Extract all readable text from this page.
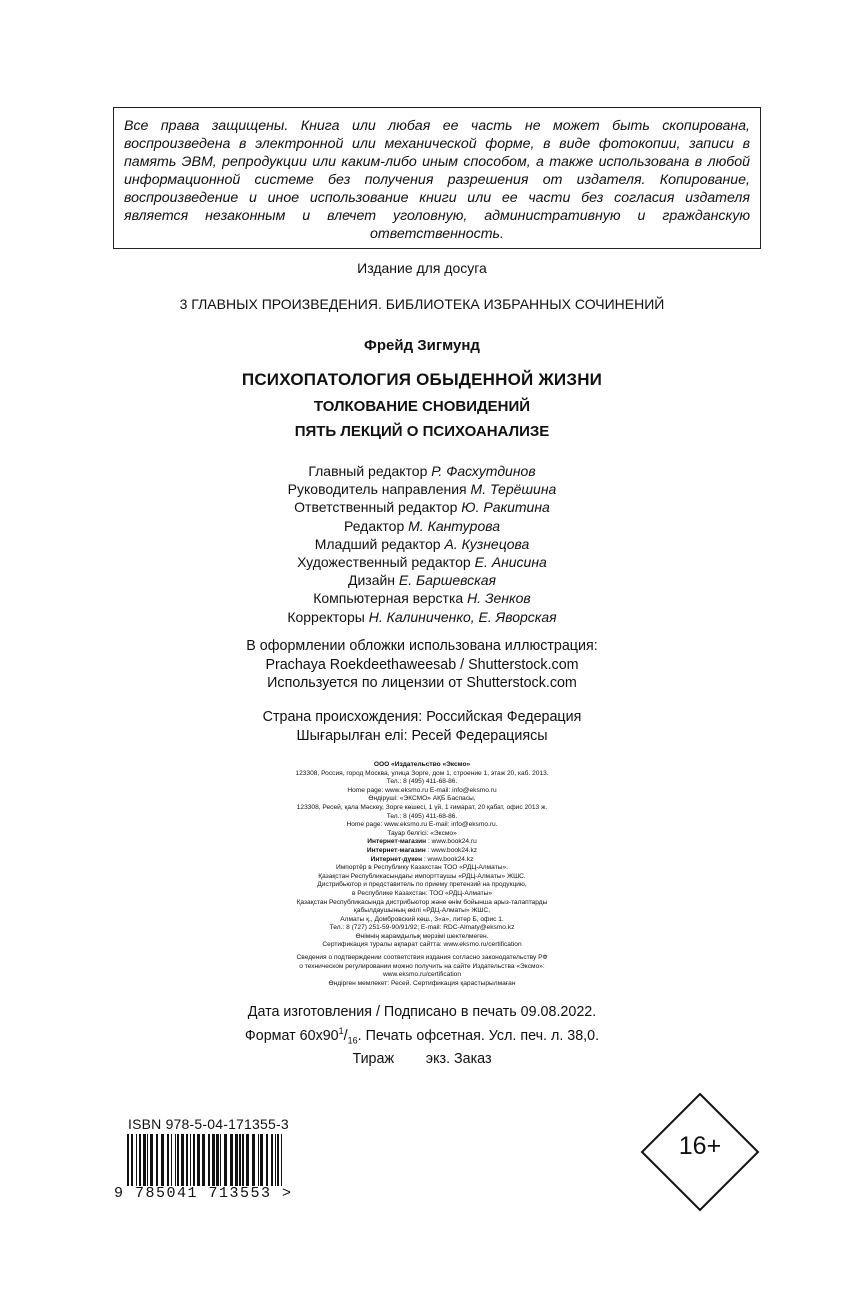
Все права защищены. Книга или любая ее часть не может быть скопирована, воспроизведена в электронной или механической форме, в виде фотокопии, записи в память ЭВМ, репродукции или каким-либо иным способом, а также использована в любой информационной системе без получения разрешения от издателя. Копирование, воспроизведение и иное использование книги или ее части без согласия издателя является незаконным и влечет уголовную, административную и гражданскую ответственность.
Издание для досуга
3 ГЛАВНЫХ ПРОИЗВЕДЕНИЯ. БИБЛИОТЕКА ИЗБРАННЫХ СОЧИНЕНИЙ
Фрейд Зигмунд
ПСИХОПАТОЛОГИЯ ОБЫДЕННОЙ ЖИЗНИ
ТОЛКОВАНИЕ СНОВИДЕНИЙ
ПЯТЬ ЛЕКЦИЙ О ПСИХОАНАЛИЗЕ
Главный редактор Р. Фасхутдинов
Руководитель направления М. Терёшина
Ответственный редактор Ю. Ракитина
Редактор М. Кантурова
Младший редактор А. Кузнецова
Художественный редактор Е. Анисина
Дизайн Е. Баршевская
Компьютерная верстка Н. Зенков
Корректоры Н. Калиниченко, Е. Яворская
В оформлении обложки использована иллюстрация:
Prachaya Roekdeethaweesab / Shutterstock.com
Используется по лицензии от Shutterstock.com
Страна происхождения: Российская Федерация
Шығарылған елі: Ресей Федерациясы
ООО «Издательство «Эксмо»
123308, Россия, город Москва, улица Зорге, дом 1, строение 1, этаж 20, каб. 2013.
Тел.: 8 (495) 411-68-86.
Home page: www.eksmo.ru E-mail: info@eksmo.ru
Өндіруші: «ЭКСМО» АҚБ Баспасы,
123308, Ресей, қала Мәскеу, Зорге көшесі, 1 үй, 1 ғимарат, 20 қабат, офис 2013 ж.
Тел.: 8 (495) 411-68-86.
Home page: www.eksmo.ru E-mail: info@eksmo.ru.
Тауар белгісі: «Эксмо»
Интернет-магазин : www.book24.ru
Интернет-магазин : www.book24.kz
Интернет-дүкен : www.book24.kz
Импортёр в Республику Казахстан ТОО «РДЦ-Алматы».
Қазақстан Республикасындағы импорттаушы «РДЦ-Алматы» ЖШС.
Дистрибьютор и представитель по приему претензий на продукцию,
в Республике Казахстан: ТОО «РДЦ-Алматы»
Қазақстан Республикасында дистрибьютор және өнім бойынша арыз-талаптарды
қабылдаушының өкілі «РДЦ-Алматы» ЖШС,
Алматы қ., Домбровский көш., 3«а», литер Б, офис 1.
Тел.: 8 (727) 251-59-90/91/92; E-mail: RDC-Almaty@eksmo.kz
Өнімнің жарамдылық мерзімі шектелмеген.
Сертификация туралы ақпарат сайтта: www.eksmo.ru/certification
Сведения о подтверждении соответствия издания согласно законодательству РФ
о техническом регулировании можно получить на сайте Издательства «Эксмо»:
www.eksmo.ru/certification
Өндірген мемлекет: Ресей. Сертификация қарастырылмаған
Дата изготовления / Подписано в печать 09.08.2022.
Формат $60x90^1/_{16}$. Печать офсетная. Усл. печ. л. 38,0.
Тираж        экз. Заказ
ISBN 978-5-04-171355-3
9 785041 713553 >
16+
